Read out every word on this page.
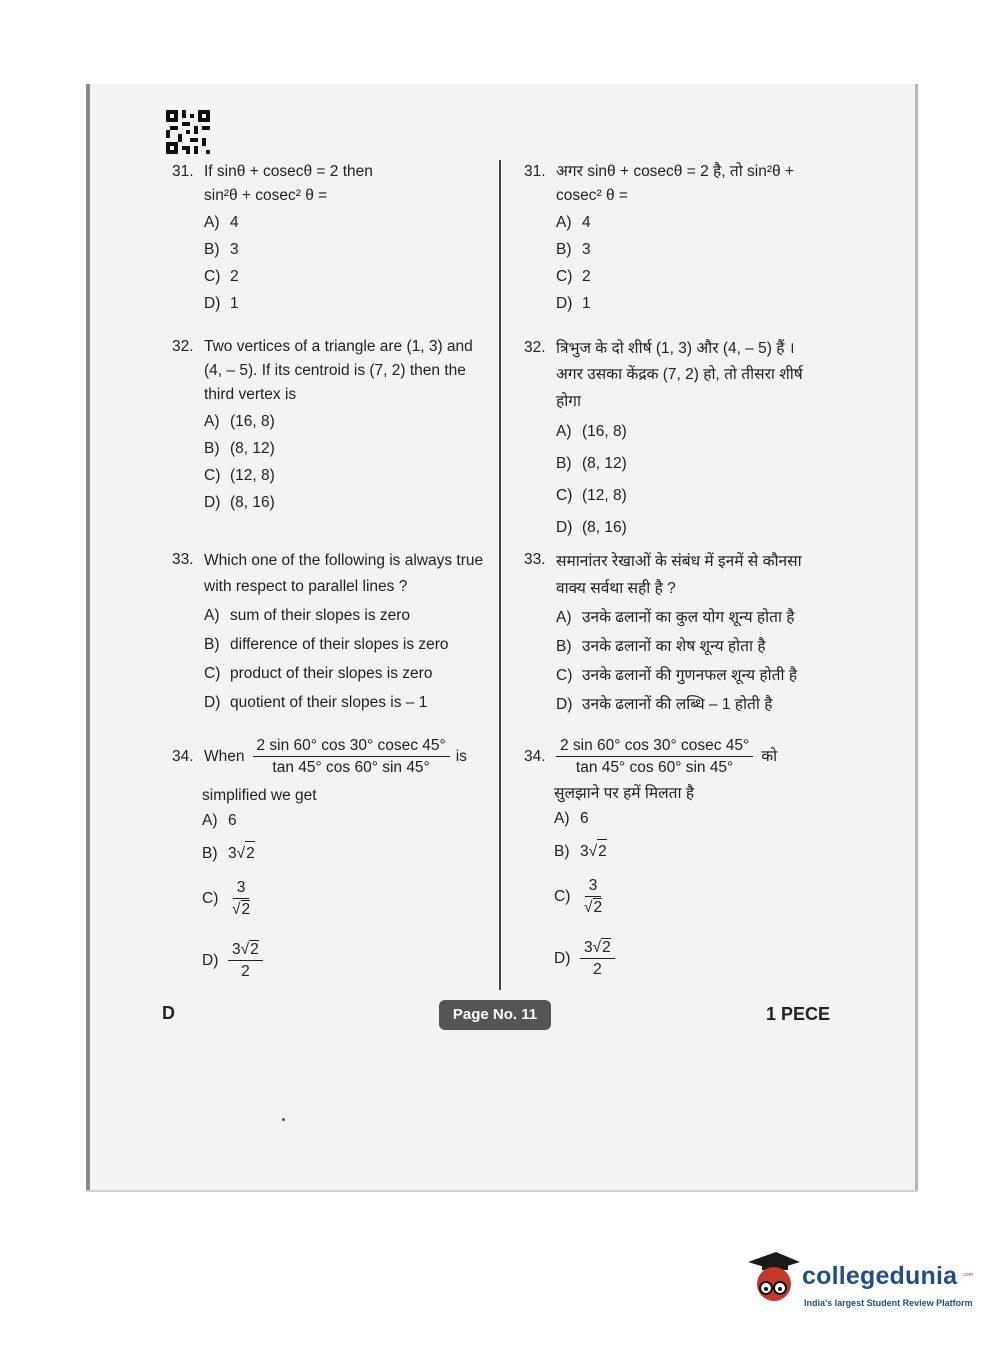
31. If sinθ + cosecθ = 2 then
sin²θ + cosec² θ =
A) 4
B) 3
C) 2
D) 1
32. Two vertices of a triangle are (1, 3) and (4, – 5). If its centroid is (7, 2) then the third vertex is
A) (16, 8)
B) (8, 12)
C) (12, 8)
D) (8, 16)
33. Which one of the following is always true with respect to parallel lines ?
A) sum of their slopes is zero
B) difference of their slopes is zero
C) product of their slopes is zero
D) quotient of their slopes is – 1
34. When $\frac{2 \sin 60^\circ \cos 30^\circ cosec 45^\circ}{\tan 45^\circ \cos 60^\circ \sin 45^\circ}$ is
simplified we get
A) 6
B) 3 √ 2
$C) \frac{3}{√2}$
$D) \frac{3√2}{2}$
31. अगर sinθ + cosecθ = 2 है, तो sin²θ +
cosec² θ =
A) 4
B) 3
C) 2
D) 1
32. त्रिभुज के दो शीर्ष (1, 3) और (4, – 5) हैं । अगर उसका केंद्रक (7, 2) हो, तो तीसरा शीर्ष होगा
A) (16, 8)
B) (8, 12)
C) (12, 8)
D) (8, 16)
33. समानांतर रेखाओं के संबंध में इनमें से कौनसा वाक्य सर्वथा सही है ?
A) उनके ढलानों का कुल योग शून्य होता है
B) उनके ढलानों का शेष शून्य होता है
C) उनके ढलानों की गुणनफल शून्य होती है
D) उनके ढलानों की लब्धि – 1 होती है
34. $\frac{2 \sin 60^\circ \cos 30^\circ cosec 45^\circ}{\tan 45^\circ \cos 60^\circ \sin 45^\circ}$ को
सुलझाने पर हमें मिलता है
A) 6
B) 3 √ 2
$C) \frac{3}{√2}$
$D) \frac{3√2}{2}$
D	Page No. 11	1 PECE
collegedunia .com
India's largest Student Review Platform
